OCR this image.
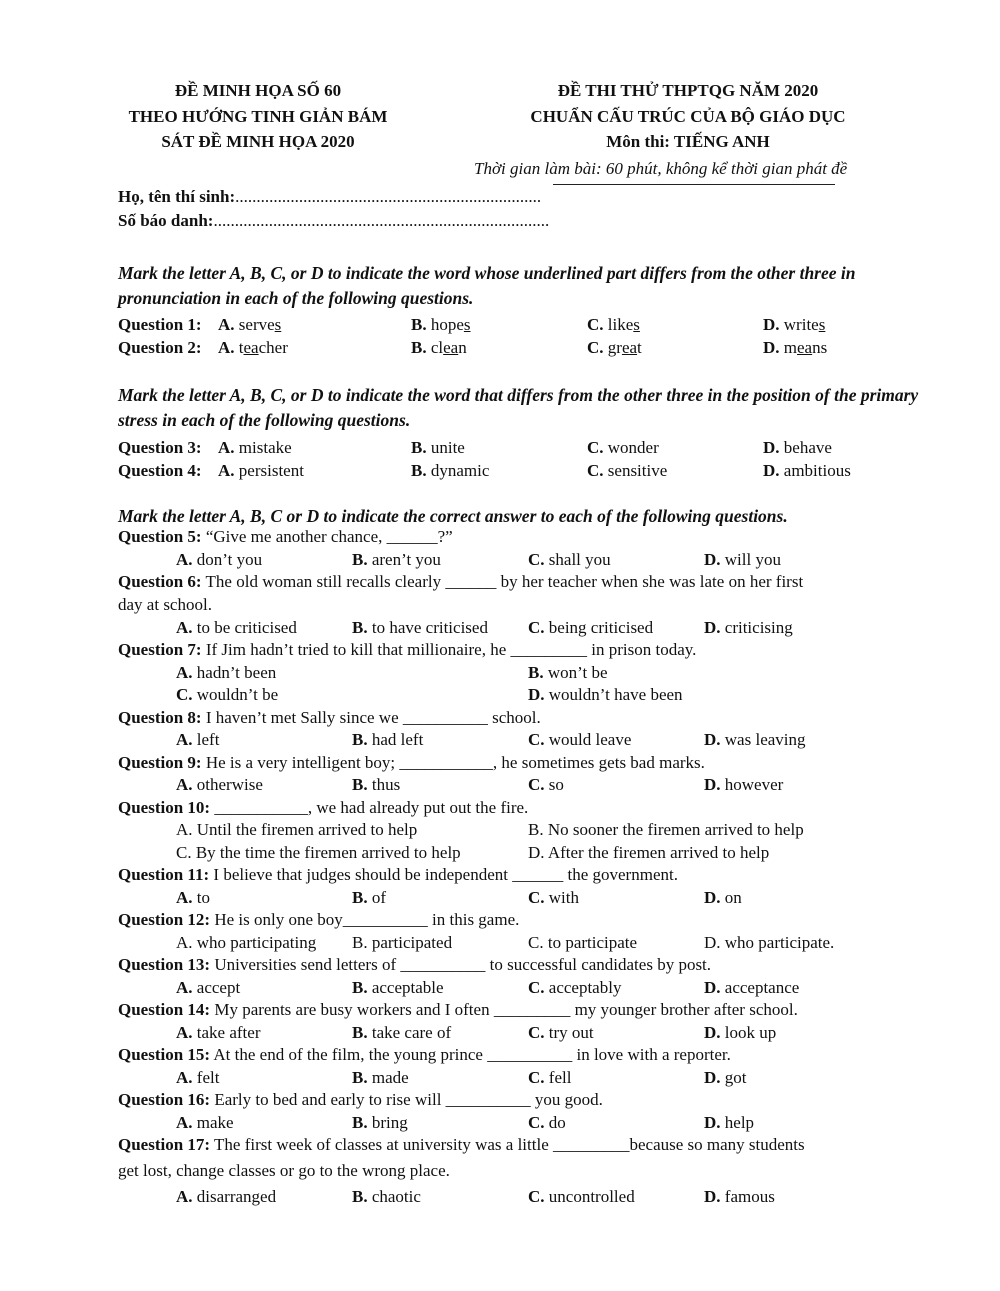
ĐỀ MINH HỌA SỐ 60
THEO HƯỚNG TINH GIẢN BÁM
SÁT ĐỀ MINH HỌA 2020
ĐỀ THI THỬ THPTQG NĂM 2020
CHUẨN CẤU TRÚC CỦA BỘ GIÁO DỤC
Môn thi: TIẾNG ANH
Thời gian làm bài: 60 phút, không kể thời gian phát đề
Họ, tên thí sinh:........................................................................
Số báo danh:...............................................................................
Mark the letter A, B, C, or D to indicate the word whose underlined part differs from the other three in pronunciation in each of the following questions.
Question 1: A. serves	B. hopes	C. likes	D. writes
Question 2: A. teacher	B. clean	C. great	D. means
Mark the letter A, B, C, or D to indicate the word that differs from the other three in the position of the primary stress in each of the following questions.
Question 3: A. mistake	B. unite	C. wonder	D. behave
Question 4: A. persistent	B. dynamic	C. sensitive	D. ambitious
Mark the letter A, B, C or D to indicate the correct answer to each of the following questions.
Question 5: “Give me another chance, ______?”
A. don’t you	B. aren’t you	C. shall you	D. will you
Question 6: The old woman still recalls clearly ______ by her teacher when she was late on her first
day at school.
A. to be criticised	B. to have criticised C. being criticised	D. criticising
Question 7: If Jim hadn’t tried to kill that millionaire, he _________ in prison today.
A. hadn’t been	B. won’t be
C. wouldn’t be	D. wouldn’t have been
Question 8: I haven’t met Sally since we __________ school.
A. left	B. had left	C. would leave	D. was leaving
Question 9: He is a very intelligent boy; ___________, he sometimes gets bad marks.
A. otherwise	B. thus	C. so	D. however
Question 10: ___________, we had already put out the fire.
A. Until the firemen arrived to help	B. No sooner the firemen arrived to help
C. By the time the firemen arrived to help	D. After the firemen arrived to help
Question 11: I believe that judges should be independent ______ the government.
A. to	B. of	C. with	D. on
Question 12: He is only one boy__________ in this game.
A. who participating B. participated	C. to participate	D. who participate.
Question 13: Universities send letters of __________ to successful candidates by post.
A. accept	B. acceptable	C. acceptably	D. acceptance
Question 14: My parents are busy workers and I often _________ my younger brother after school.
A. take after	B. take care of	C. try out	D. look up
Question 15: At the end of the film, the young prince __________ in love with a reporter.
A. felt	B. made	C. fell	D. got
Question 16: Early to bed and early to rise will __________ you good.
A. make	B. bring	C. do	D. help
Question 17: The first week of classes at university was a little _________because so many students
get lost, change classes or go to the wrong place.
A. disarranged	B. chaotic	C. uncontrolled	D. famous
